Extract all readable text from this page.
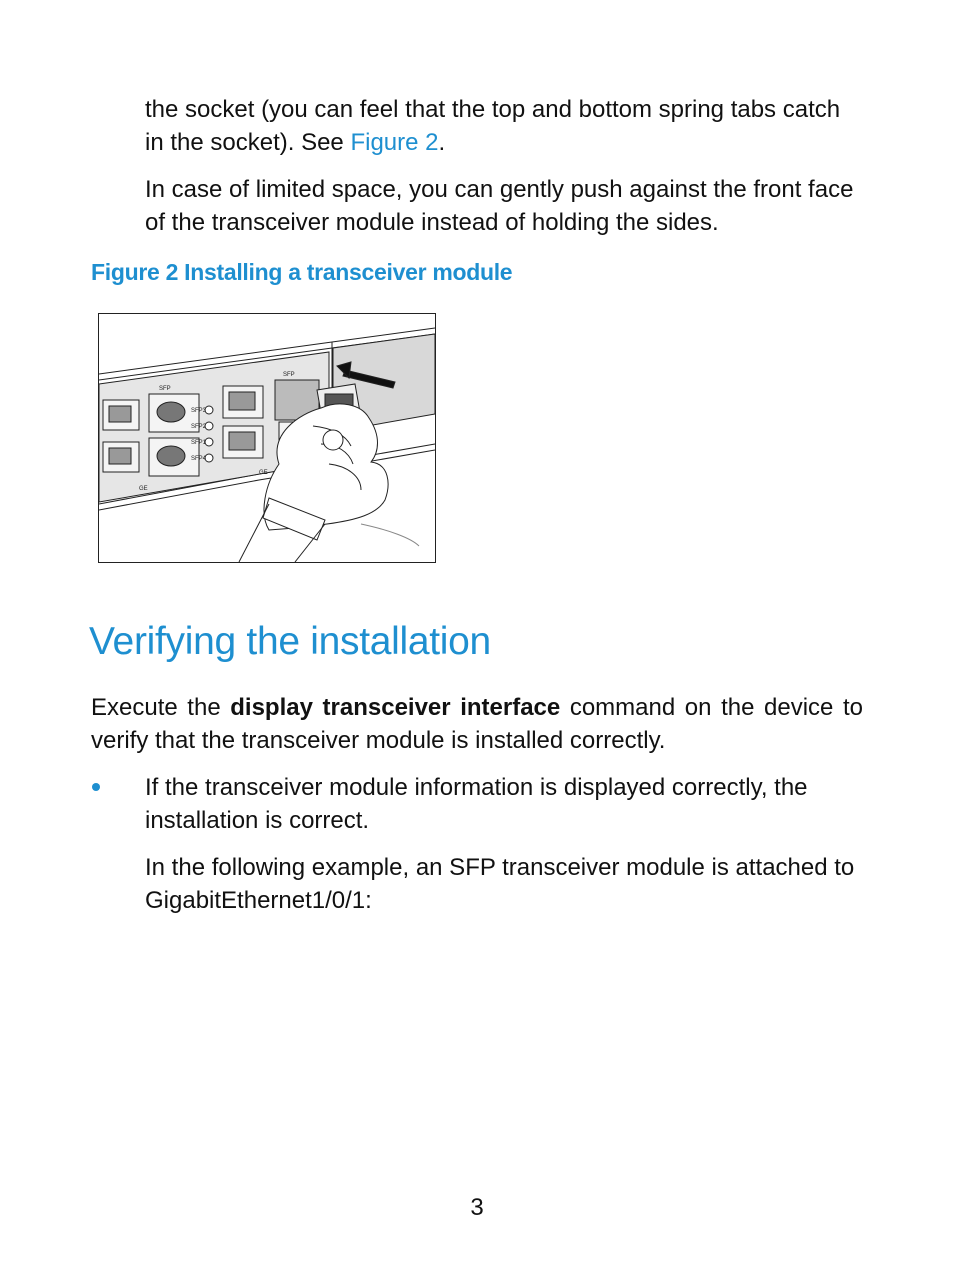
the socket (you can feel that the top and bottom spring tabs catch in the socket). See Figure 2.

In case of limited space, you can gently push against the front face of the transceiver module instead of holding the sides.

Figure 2 Installing a transceiver module
SFP
SFP
GE
GE
SFP3
SFP2
SFP1
SFP4
Verifying the installation

Execute the display transceiver interface command on the device to verify that the transceiver module is installed correctly.

If the transceiver module information is displayed correctly, the installation is correct.

In the following example, an SFP transceiver module is attached to GigabitEthernet1/0/1:

3
